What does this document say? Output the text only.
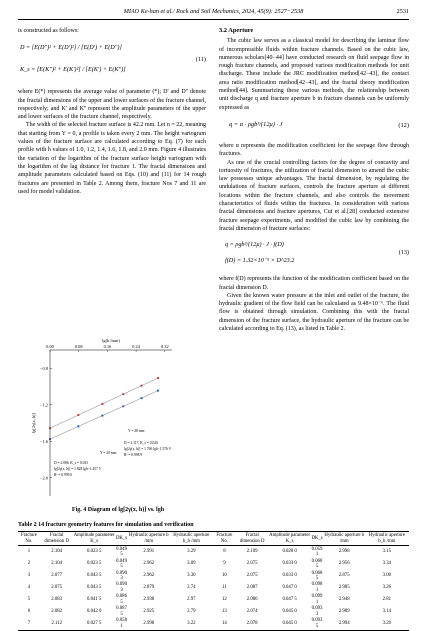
MIAO Ke-han et al./ Rock and Soil Mechanics, 2024, 45(9): 2527−2538	2531

is constructed as follows:

D = [E(D'')² + E(D')²] / [E(D') + E(D'')]
K_s = [E(K'')² + E(K')²] / [E(K') + E(K'')]
(11)

where E(*) represents the average value of parameter (*); D' and D'' denote the fractal dimensions of the upper and lower surfaces of the fracture channel, respectively; and K' and K'' represent the amplitude parameters of the upper and lower surfaces of the fracture channel, respectively.

The width of the selected fracture surface is 42.2 mm. Let n = 22, meaning that starting from Y = 0, a profile is taken every 2 mm. The height variogram values of the fracture surface are calculated according to Eq. (7) for each profile with h values of 1.0, 1.2, 1.4, 1.6, 1.8, and 2.0 mm. Figure 4 illustrates the variation of the logarithm of the fracture surface height variogram with the logarithm of the lag distance for fracture 1. The fractal dimensions and amplitude parameters calculated based on Eqs. (10) and (11) for 14 rough fractures are presented in Table 2. Among them, fracture Nos 7 and 11 are used for model validation.

0.00	0.08	0.16	0.24	0.32
−0.8
−1.2
−1.6
−2.0
Y = 20 mm
D = 2.086, K_s = 0.035
lg[2γ(x, h)] = 1.828 lgh−1.457 5
R² = 0.999 6
Y = 28 mm
D = 2.117, K_s = 0.026
lg[2γ(x, h)] = 1.766 lgh−1.576 9
R² = 0.998 9
lg(h /mm)
lg[2γ(x, h)]
Fig. 4 Diagram of lg[2γ(x, h)] vs. lgh
3.2 Aperture

The cubic law serves as a classical model for describing the laminar flow of incompressible fluids within fracture channels. Based on the cubic law, numerous scholars[40−44] have conducted research on fluid seepage flow in rough fracture channels, and proposed various modification methods for unit discharge. These include the JRC modification method[42−43], the contact area ratio modification method[42−43], and the fractal theory modification method[44]. Summarizing these various methods, the relationship between unit discharge q and fracture aperture b in fracture channels can be uniformly expressed as

q = α · ρgb³/(12μ) · J	(12)

where α represents the modification coefficient for the seepage flow through fractures.

As one of the crucial controlling factors for the degree of concavity and tortuosity of fractures, the utilization of fractal dimension to amend the cubic law possesses unique advantages. The fractal dimension, by regulating the undulations of fracture surfaces, controls the fracture aperture at different locations within the fracture channels, and also controls the movement characteristics of fluids within the fractures. In consideration with various fractal dimensions and fracture apertures, Cui et al.[28] conducted extensive fracture seepage experiments, and modified the cubic law by combining the fractal dimension of fracture surfaces:

q = ρgb³/(12μ) · J · f(D)
f(D) = 1.32×10⁻⁵ × D^23.2
(13)

where f(D) represents the function of the modification coefficient based on the fractal dimension D.

Given the known water pressure at the inlet and outlet of the fracture, the hydraulic gradient of the flow field can be calculated as 9.48×10⁻⁶. The fluid flow is obtained through simulation. Combining this with the fractal dimension of the fracture surface, the hydraulic aperture of the fracture can be calculated according to Eq. (13), as listed in Table 2.

Table 2 14 fracture geometry features for simulation and verification
Fracture No.	Fractal dimension D	Amplitude parameter K_s	DK_s	Hydraulic aperture b /mm	Hydraulic aperture b_h /mm	Fracture No.	Fractal dimension D	Amplitude parameter K_s	DK_s	Hydraulic aperture b /mm	Hydraulic aperture b_h /mm
1	2.104	0.023 5	0.049 5	2.991	3.29	8	2.109	0.028 0	0.059 1	2.998	3.15
2	2.104	0.023 5	0.049 5	2.962	3.09	9	2.075	0.033 0	0.068 5	2.956	3.34
3	2.077	0.043 5	0.090 3	2.962	3.30	10	2.075	0.033 0	0.068 5	2.875	3.00
4	2.075	0.043 5	0.090 3	2.879	2.74	11	2.087	0.047 0	0.098 1	2.985	3.26
5	2.083	0.041 5	0.086 5	2.938	2.97	12	2.086	0.047 5	0.099 1	2.948	2.81
6	2.082	0.042 0	0.087 5	2.925	2.79	13	2.074	0.045 0	0.093 3	2.989	3.14
7	2.112	0.027 5	0.058 1	2.998	3.22	14	2.078	0.045 0	0.093 5	2.994	3.20
